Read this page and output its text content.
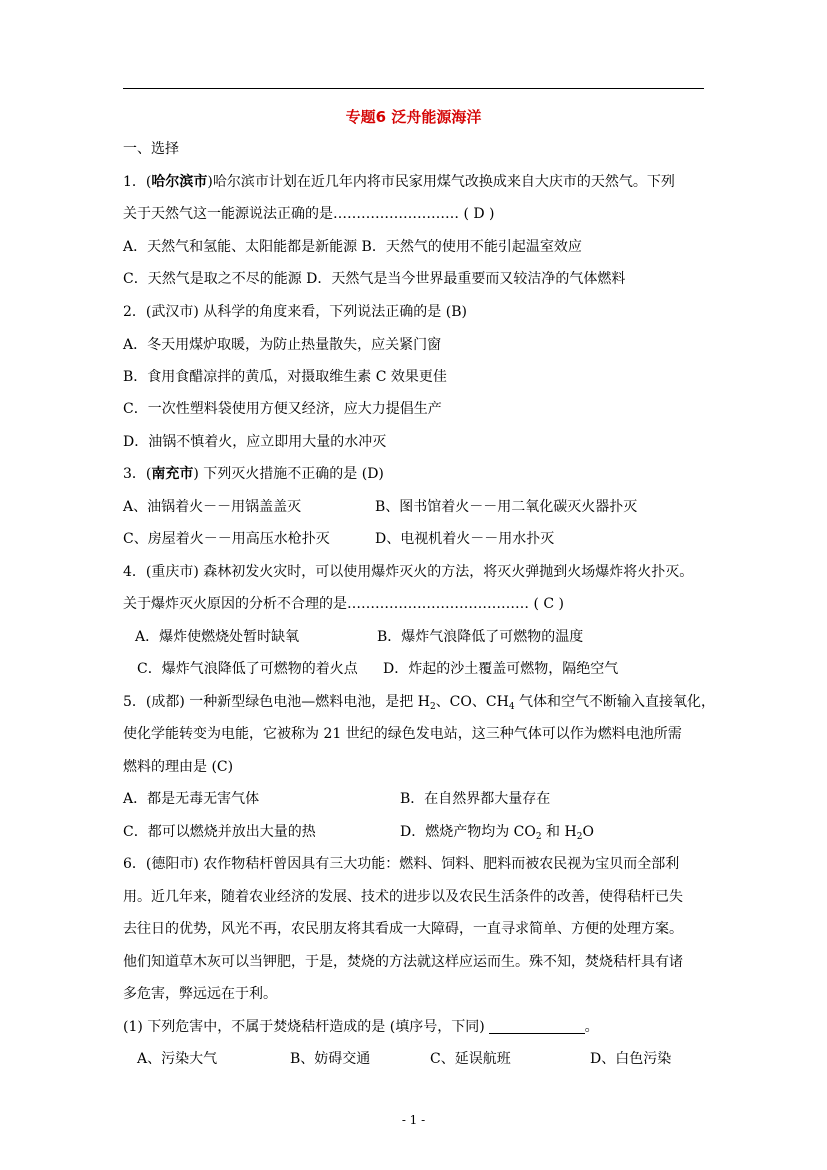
专题6 泛舟能源海洋
一、选择
1．(哈尔滨市)哈尔滨市计划在近几年内将市民家用煤气改换成来自大庆市的天然气。下列
关于天然气这一能源说法正确的是……………………… ( D )
A．天然气和氢能、太阳能都是新能源 B．天然气的使用不能引起温室效应
C．天然气是取之不尽的能源 D．天然气是当今世界最重要而又较洁净的气体燃料
2．(武汉市) 从科学的角度来看，下列说法正确的是 (B)
A．冬天用煤炉取暖，为防止热量散失，应关紧门窗
B．食用食醋凉拌的黄瓜，对摄取维生素 C 效果更佳
C．一次性塑料袋使用方便又经济，应大力提倡生产
D．油锅不慎着火，应立即用大量的水冲灭
3．(南充市) 下列灭火措施不正确的是 (D)
A、油锅着火－－用锅盖盖灭	B、图书馆着火－－用二氧化碳灭火器扑灭
C、房屋着火－－用高压水枪扑灭	D、电视机着火－－用水扑灭
4．(重庆市) 森林初发火灾时，可以使用爆炸灭火的方法，将灭火弹抛到火场爆炸将火扑灭。
关于爆炸灭火原因的分析不合理的是………………………………… ( C )
A．爆炸使燃烧处暂时缺氧	B．爆炸气浪降低了可燃物的温度
C．爆炸气浪降低了可燃物的着火点 D．炸起的沙土覆盖可燃物，隔绝空气
5．(成都) 一种新型绿色电池—燃料电池，是把 $H_2$、CO、$CH_4$ 气体和空气不断输入直接氧化，
使化学能转变为电能，它被称为 21 世纪的绿色发电站，这三种气体可以作为燃料电池所需
燃料的理由是 (C)
A．都是无毒无害气体	B．在自然界都大量存在
C．都可以燃烧并放出大量的热	D．燃烧产物均为 $CO_2$ 和 $H_2O$
6．(德阳市) 农作物秸杆曾因具有三大功能：燃料、饲料、肥料而被农民视为宝贝而全部利
用。近几年来，随着农业经济的发展、技术的进步以及农民生活条件的改善，使得秸杆已失
去往日的优势，风光不再，农民朋友将其看成一大障碍，一直寻求简单、方便的处理方案。
他们知道草木灰可以当钾肥，于是，焚烧的方法就这样应运而生。殊不知，焚烧秸杆具有诸
多危害，弊远远在于利。
(1) 下列危害中，不属于焚烧秸杆造成的是 (填序号，下同)	。
A、污染大气	B、妨碍交通	C、延误航班	D、白色污染
- 1 -
